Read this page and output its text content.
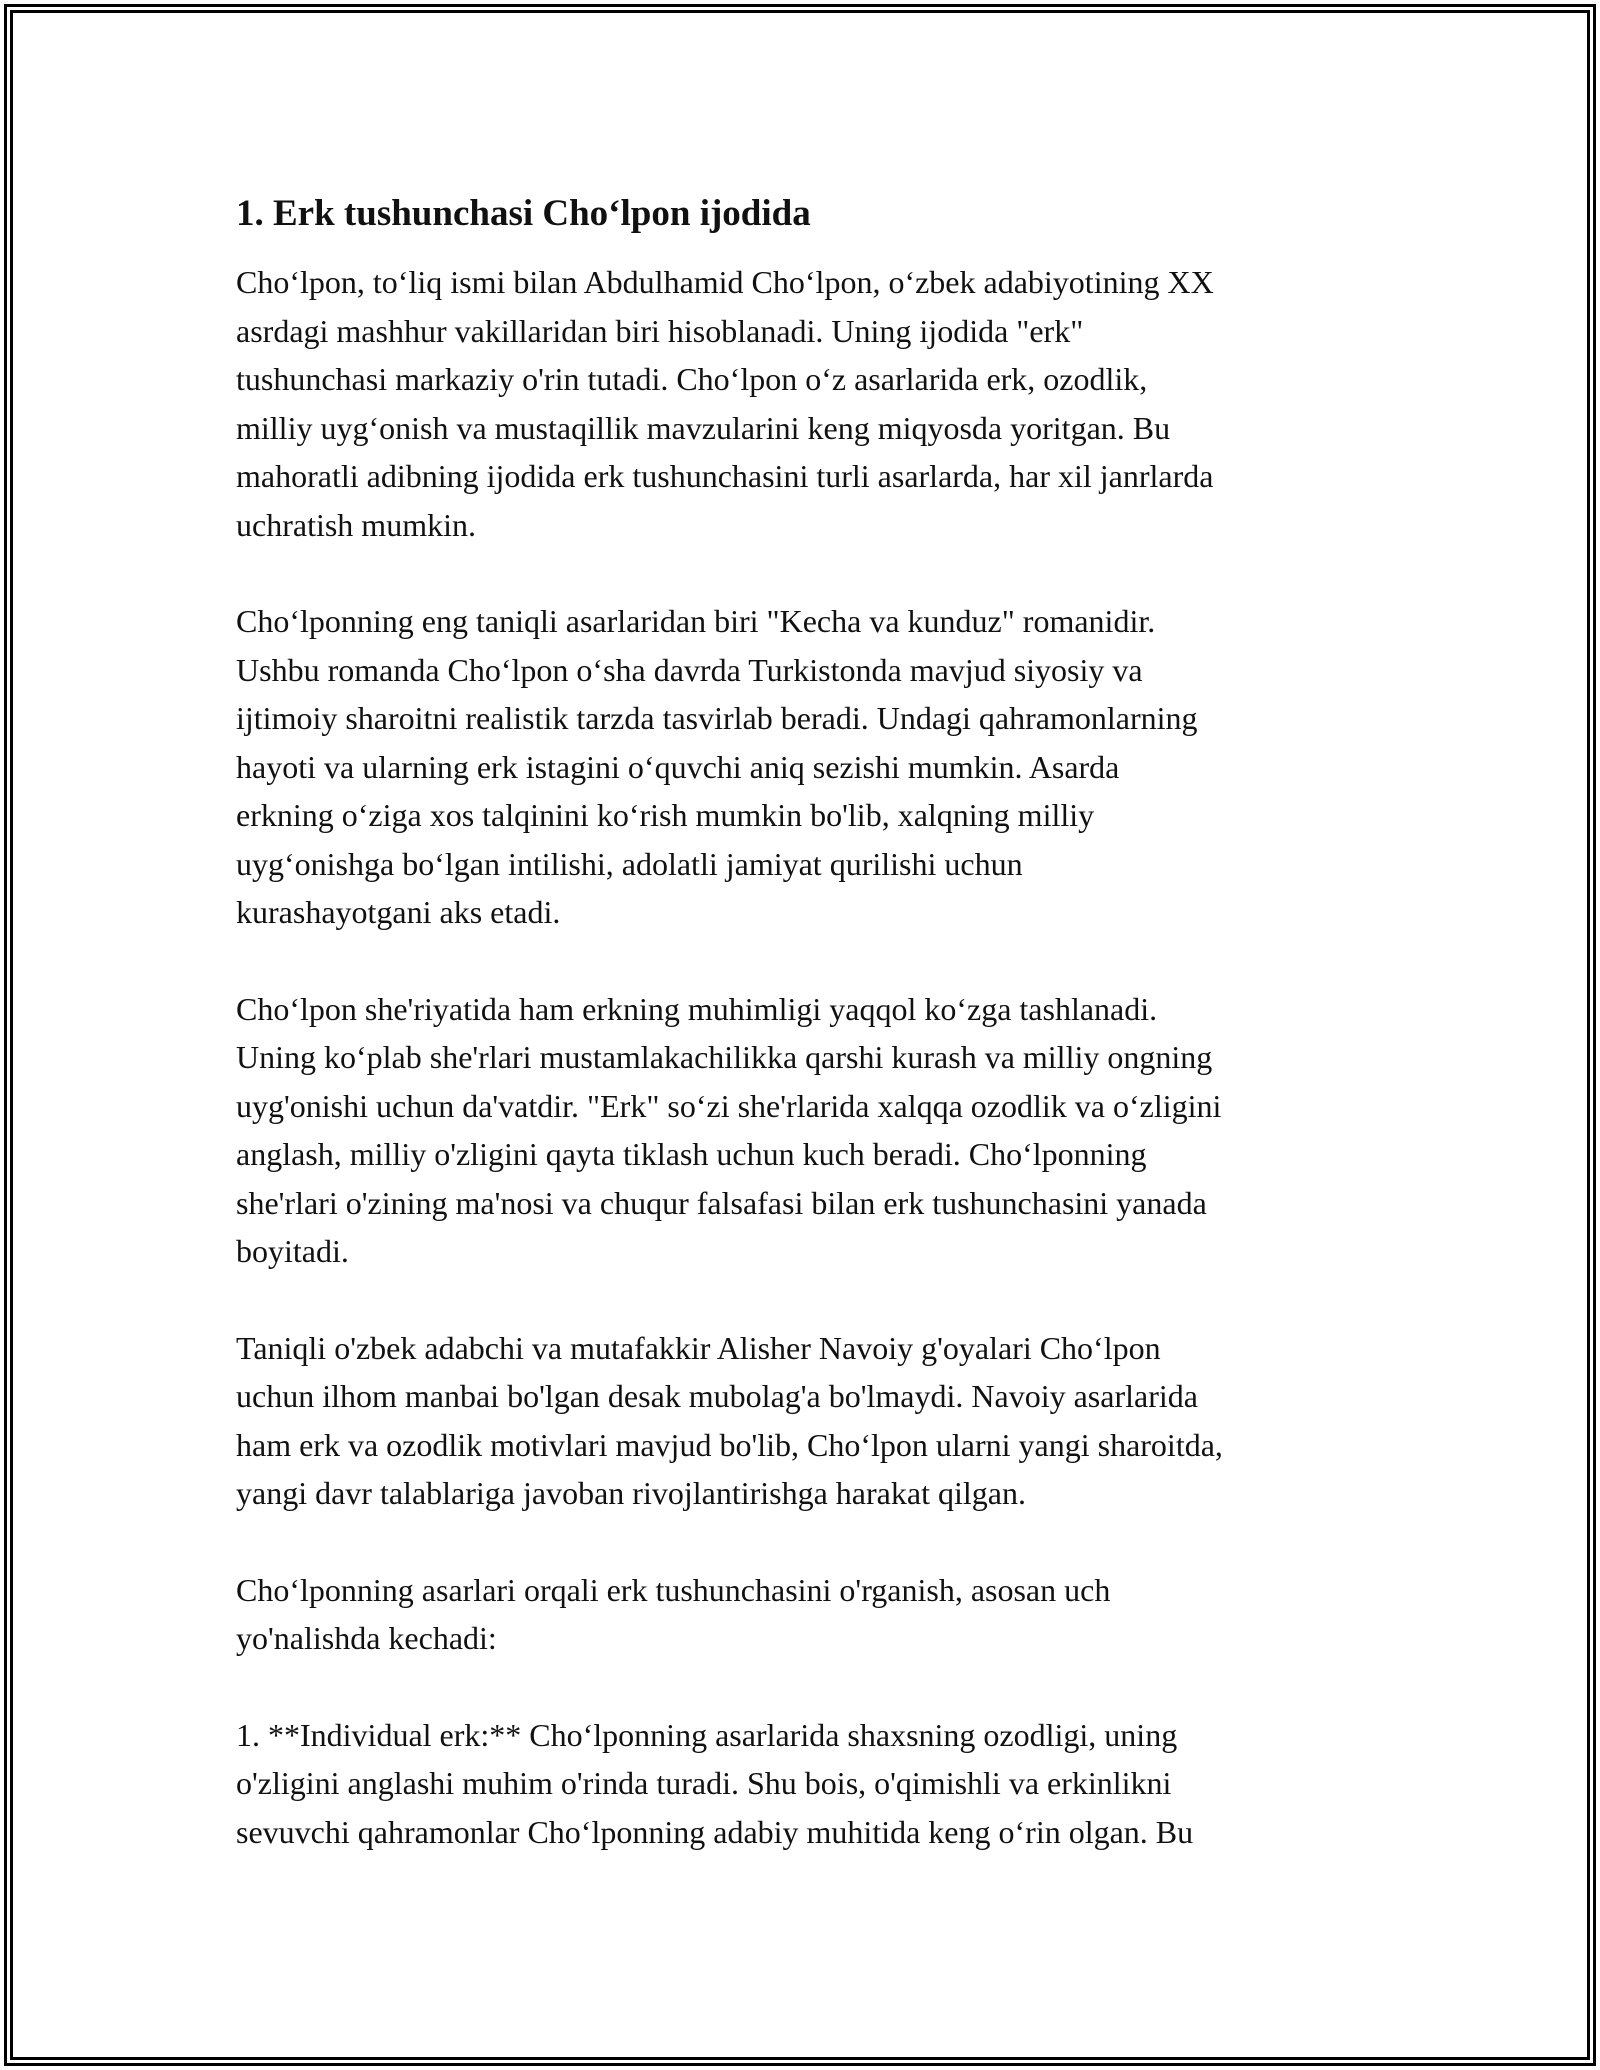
1. Erk tushunchasi Cho‘lpon ijodida

Cho‘lpon, to‘liq ismi bilan Abdulhamid Cho‘lpon, o‘zbek adabiyotining XX
asrdagi mashhur vakillaridan biri hisoblanadi. Uning ijodida "erk"
tushunchasi markaziy o'rin tutadi. Cho‘lpon o‘z asarlarida erk, ozodlik,
milliy uyg‘onish va mustaqillik mavzularini keng miqyosda yoritgan. Bu
mahoratli adibning ijodida erk tushunchasini turli asarlarda, har xil janrlarda
uchratish mumkin.

Cho‘lponning eng taniqli asarlaridan biri "Kecha va kunduz" romanidir.
Ushbu romanda Cho‘lpon o‘sha davrda Turkistonda mavjud siyosiy va
ijtimoiy sharoitni realistik tarzda tasvirlab beradi. Undagi qahramonlarning
hayoti va ularning erk istagini o‘quvchi aniq sezishi mumkin. Asarda
erkning o‘ziga xos talqinini ko‘rish mumkin bo'lib, xalqning milliy
uyg‘onishga bo‘lgan intilishi, adolatli jamiyat qurilishi uchun
kurashayotgani aks etadi.

Cho‘lpon she'riyatida ham erkning muhimligi yaqqol ko‘zga tashlanadi.
Uning ko‘plab she'rlari mustamlakachilikka qarshi kurash va milliy ongning
uyg'onishi uchun da'vatdir. "Erk" so‘zi she'rlarida xalqqa ozodlik va o‘zligini
anglash, milliy o'zligini qayta tiklash uchun kuch beradi. Cho‘lponning
she'rlari o'zining ma'nosi va chuqur falsafasi bilan erk tushunchasini yanada
boyitadi.

Taniqli o'zbek adabchi va mutafakkir Alisher Navoiy g'oyalari Cho‘lpon
uchun ilhom manbai bo'lgan desak mubolag'a bo'lmaydi. Navoiy asarlarida
ham erk va ozodlik motivlari mavjud bo'lib, Cho‘lpon ularni yangi sharoitda,
yangi davr talablariga javoban rivojlantirishga harakat qilgan.

Cho‘lponning asarlari orqali erk tushunchasini o'rganish, asosan uch
yo'nalishda kechadi:

1. **Individual erk:** Cho‘lponning asarlarida shaxsning ozodligi, uning
o'zligini anglashi muhim o'rinda turadi. Shu bois, o'qimishli va erkinlikni
sevuvchi qahramonlar Cho‘lponning adabiy muhitida keng o‘rin olgan. Bu
